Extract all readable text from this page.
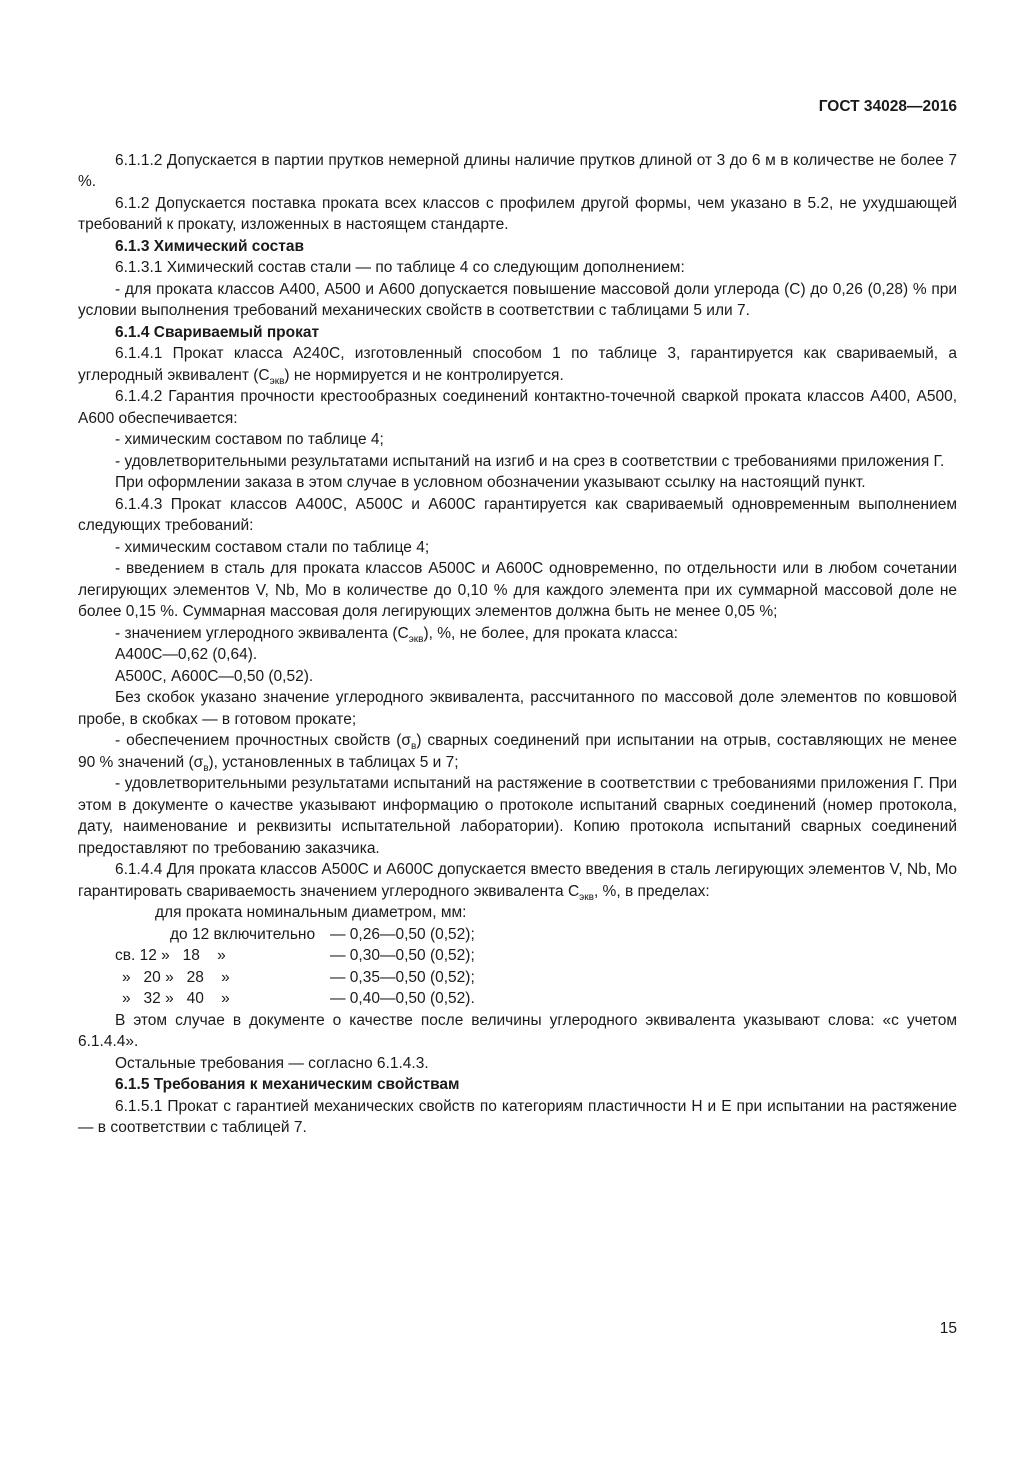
ГОСТ 34028—2016

6.1.1.2 Допускается в партии прутков немерной длины наличие прутков длиной от 3 до 6 м в количестве не более 7 %.

6.1.2 Допускается поставка проката всех классов с профилем другой формы, чем указано в 5.2, не ухудшающей требований к прокату, изложенных в настоящем стандарте.

6.1.3 Химический состав

6.1.3.1 Химический состав стали — по таблице 4 со следующим дополнением:

- для проката классов А400, А500 и А600 допускается повышение массовой доли углерода (С) до 0,26 (0,28) % при условии выполнения требований механических свойств в соответствии с таблицами 5 или 7.

6.1.4 Свариваемый прокат

6.1.4.1 Прокат класса А240С, изготовленный способом 1 по таблице 3, гарантируется как свариваемый, а углеродный эквивалент $(С_{экв})$ не нормируется и не контролируется.

6.1.4.2 Гарантия прочности крестообразных соединений контактно-точечной сваркой проката классов А400, А500, А600 обеспечивается:

- химическим составом по таблице 4;

- удовлетворительными результатами испытаний на изгиб и на срез в соответствии с требованиями приложения Г.

При оформлении заказа в этом случае в условном обозначении указывают ссылку на настоящий пункт.

6.1.4.3 Прокат классов А400С, А500С и А600С гарантируется как свариваемый одновременным выполнением следующих требований:

- химическим составом стали по таблице 4;

- введением в сталь для проката классов А500С и А600С одновременно, по отдельности или в любом сочетании легирующих элементов V, Nb, Mo в количестве до 0,10 % для каждого элемента при их суммарной массовой доле не более 0,15 %. Суммарная массовая доля легирующих элементов должна быть не менее 0,05 %;

- значением углеродного эквивалента $(С_{экв})$, %, не более, для проката класса:

А400С—0,62 (0,64).

А500С, А600С—0,50 (0,52).

Без скобок указано значение углеродного эквивалента, рассчитанного по массовой доле элементов по ковшовой пробе, в скобках — в готовом прокате;

- обеспечением прочностных свойств $(\sigma_в)$ сварных соединений при испытании на отрыв, составляющих не менее 90 % значений $(\sigma_в)$, установленных в таблицах 5 и 7;

- удовлетворительными результатами испытаний на растяжение в соответствии с требованиями приложения Г. При этом в документе о качестве указывают информацию о протоколе испытаний сварных соединений (номер протокола, дату, наименование и реквизиты испытательной лаборатории). Копию протокола испытаний сварных соединений предоставляют по требованию заказчика.

6.1.4.4 Для проката классов А500С и А600С допускается вместо введения в сталь легирующих элементов V, Nb, Mo гарантировать свариваемость значением углеродного эквивалента $С_{экв}$, %, в пределах:

для проката номинальным диаметром, мм:

до 12 включительно — 0,26—0,50 (0,52);
св. 12 »   18    »	— 0,30—0,50 (0,52);
»   20 »   28    »	— 0,35—0,50 (0,52);
»   32 »   40    »	— 0,40—0,50 (0,52).

В этом случае в документе о качестве после величины углеродного эквивалента указывают слова: «с учетом 6.1.4.4».

Остальные требования — согласно 6.1.4.3.

6.1.5 Требования к механическим свойствам

6.1.5.1 Прокат с гарантией механических свойств по категориям пластичности Н и Е при испытании на растяжение — в соответствии с таблицей 7.

15
